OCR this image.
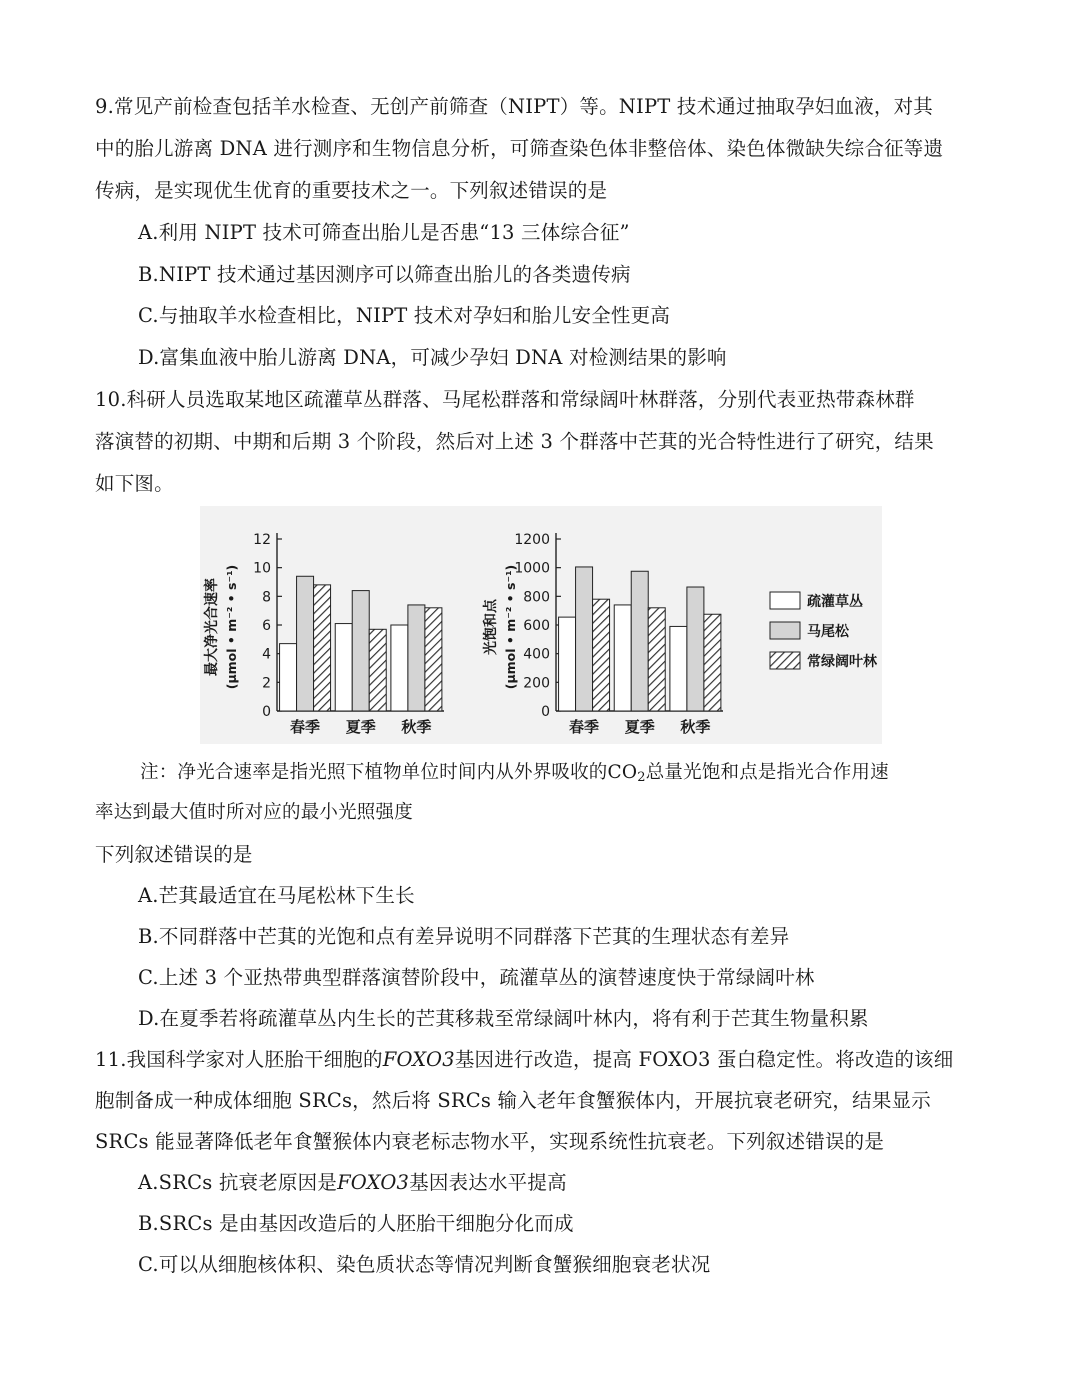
9.常见产前检查包括羊水检查、无创产前筛查（NIPT）等。NIPT 技术通过抽取孕妇血液，对其
中的胎儿游离 DNA 进行测序和生物信息分析，可筛查染色体非整倍体、染色体微缺失综合征等遗
传病，是实现优生优育的重要技术之一。下列叙述错误的是
A.利用 NIPT 技术可筛查出胎儿是否患“13 三体综合征”
B.NIPT 技术通过基因测序可以筛查出胎儿的各类遗传病
C.与抽取羊水检查相比，NIPT 技术对孕妇和胎儿安全性更高
D.富集血液中胎儿游离 DNA，可减少孕妇 DNA 对检测结果的影响
10.科研人员选取某地区疏灌草丛群落、马尾松群落和常绿阔叶林群落，分别代表亚热带森林群
落演替的初期、中期和后期 3 个阶段，然后对上述 3 个群落中芒萁的光合特性进行了研究，结果
如下图。
0
2
4
6
8
10
12
最大净光合速率 (μmol • m⁻² • s⁻¹)
春季 夏季 秋季
0
200
400
600
800
1000
1200
光饱和点 (μmol • m⁻² • s⁻¹)
春季 夏季 秋季
疏灌草丛
马尾松
常绿阔叶林
注：净光合速率是指光照下植物单位时间内从外界吸收的$CO_2$总量光饱和点是指光合作用速
率达到最大值时所对应的最小光照强度
下列叙述错误的是
A.芒萁最适宜在马尾松林下生长
B.不同群落中芒萁的光饱和点有差异说明不同群落下芒萁的生理状态有差异
C.上述 3 个亚热带典型群落演替阶段中，疏灌草丛的演替速度快于常绿阔叶林
D.在夏季若将疏灌草丛内生长的芒萁移栽至常绿阔叶林内，将有利于芒萁生物量积累
11.我国科学家对人胚胎干细胞的FOXO3基因进行改造，提高 FOXO3 蛋白稳定性。将改造的该细
胞制备成一种成体细胞 SRCs，然后将 SRCs 输入老年食蟹猴体内，开展抗衰老研究，结果显示
SRCs 能显著降低老年食蟹猴体内衰老标志物水平，实现系统性抗衰老。下列叙述错误的是
A.SRCs 抗衰老原因是FOXO3基因表达水平提高
B.SRCs 是由基因改造后的人胚胎干细胞分化而成
C.可以从细胞核体积、染色质状态等情况判断食蟹猴细胞衰老状况
